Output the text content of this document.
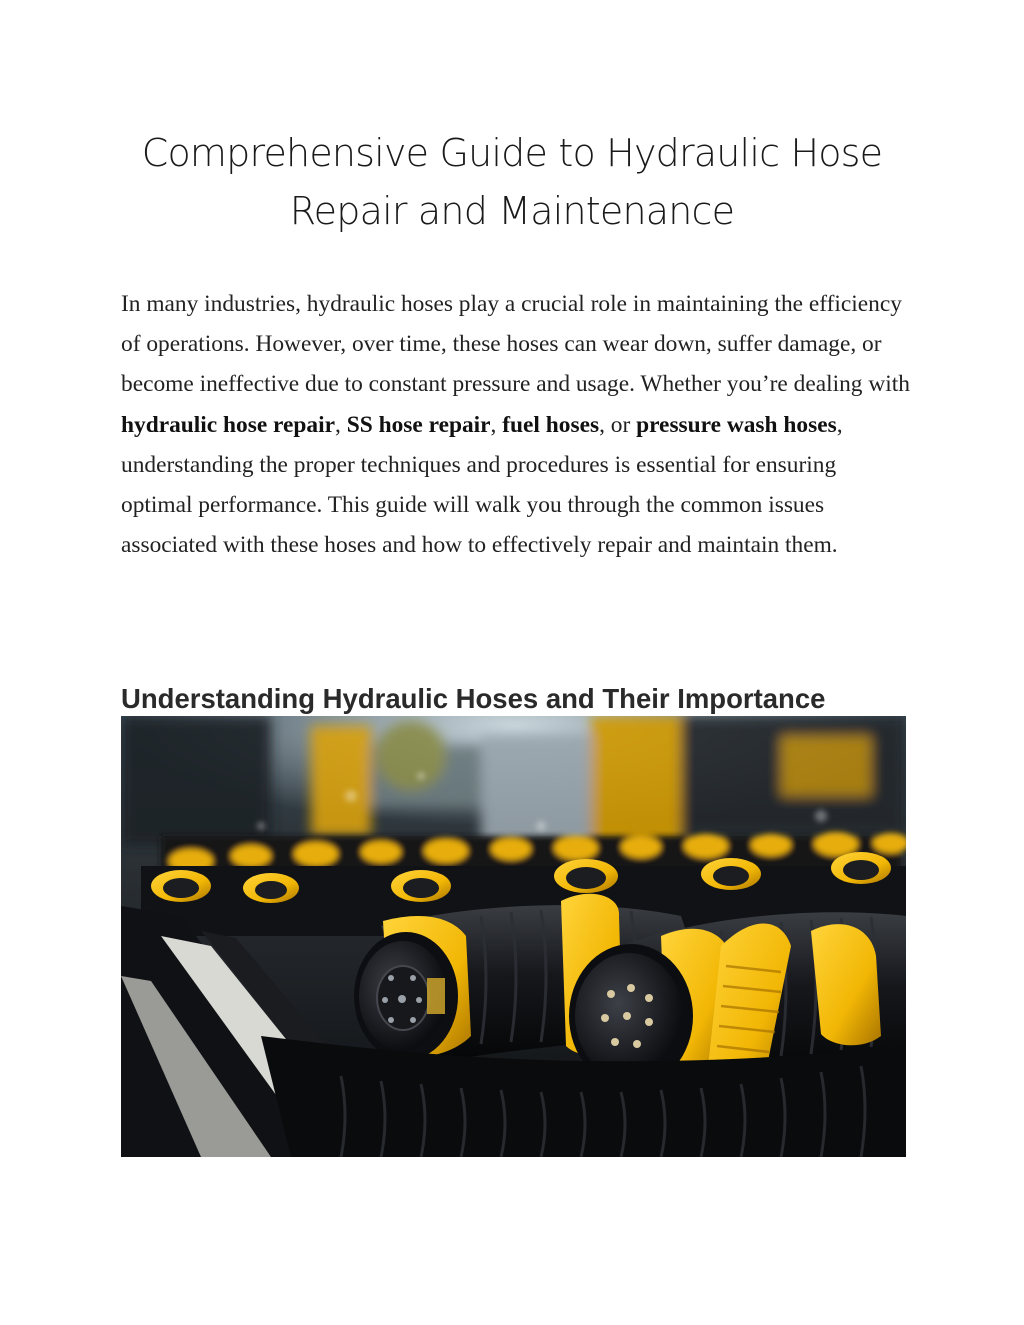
Comprehensive Guide to Hydraulic Hose
Repair and Maintenance

In many industries, hydraulic hoses play a crucial role in maintaining the efficiency of operations. However, over time, these hoses can wear down, suffer damage, or become ineffective due to constant pressure and usage. Whether you’re dealing with hydraulic hose repair, SS hose repair, fuel hoses, or pressure wash hoses, understanding the proper techniques and procedures is essential for ensuring optimal performance. This guide will walk you through the common issues associated with these hoses and how to effectively repair and maintain them.

Understanding Hydraulic Hoses and Their Importance
